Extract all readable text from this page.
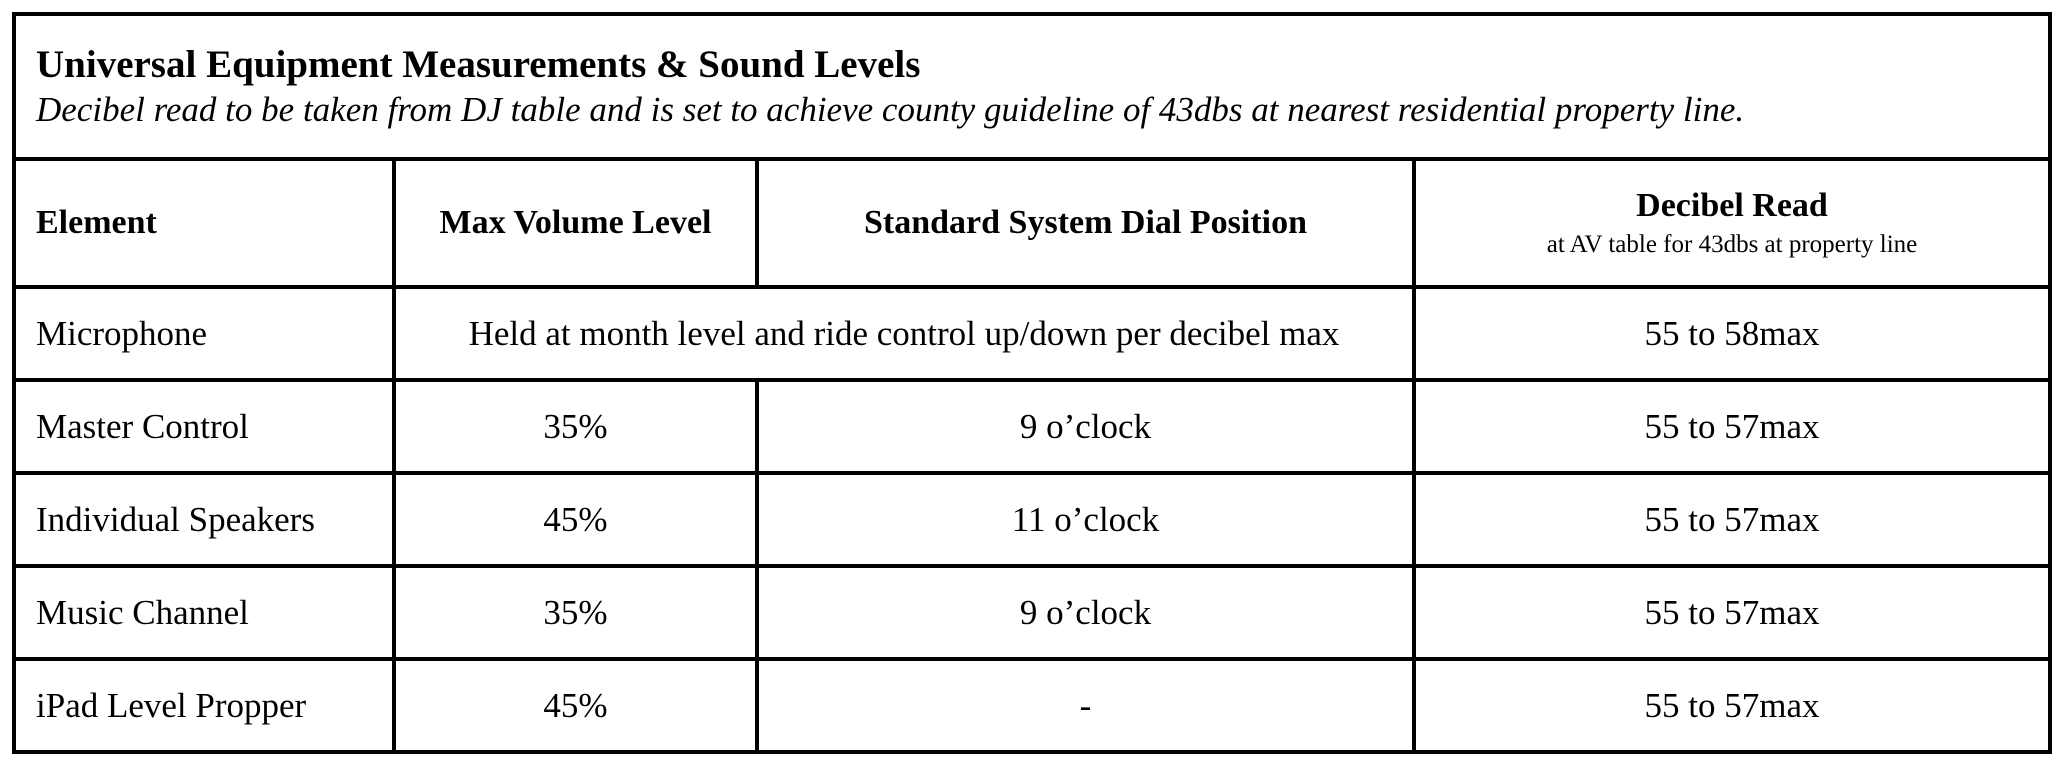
Universal Equipment Measurements & Sound Levels

Decibel read to be taken from DJ table and is set to achieve county guideline of 43dbs at nearest residential property line.			

Element	Max Volume Level	Standard System Dial Position	Decibel Read
at AV table for 43dbs at property line

Microphone	Held at month level and ride control up/down per decibel max		55 to 58max
Master Control	35%	9 o’clock	55 to 57max
Individual Speakers	45%	11 o’clock	55 to 57max
Music Channel	35%	9 o’clock	55 to 57max
iPad Level Propper	45%	-	55 to 57max
